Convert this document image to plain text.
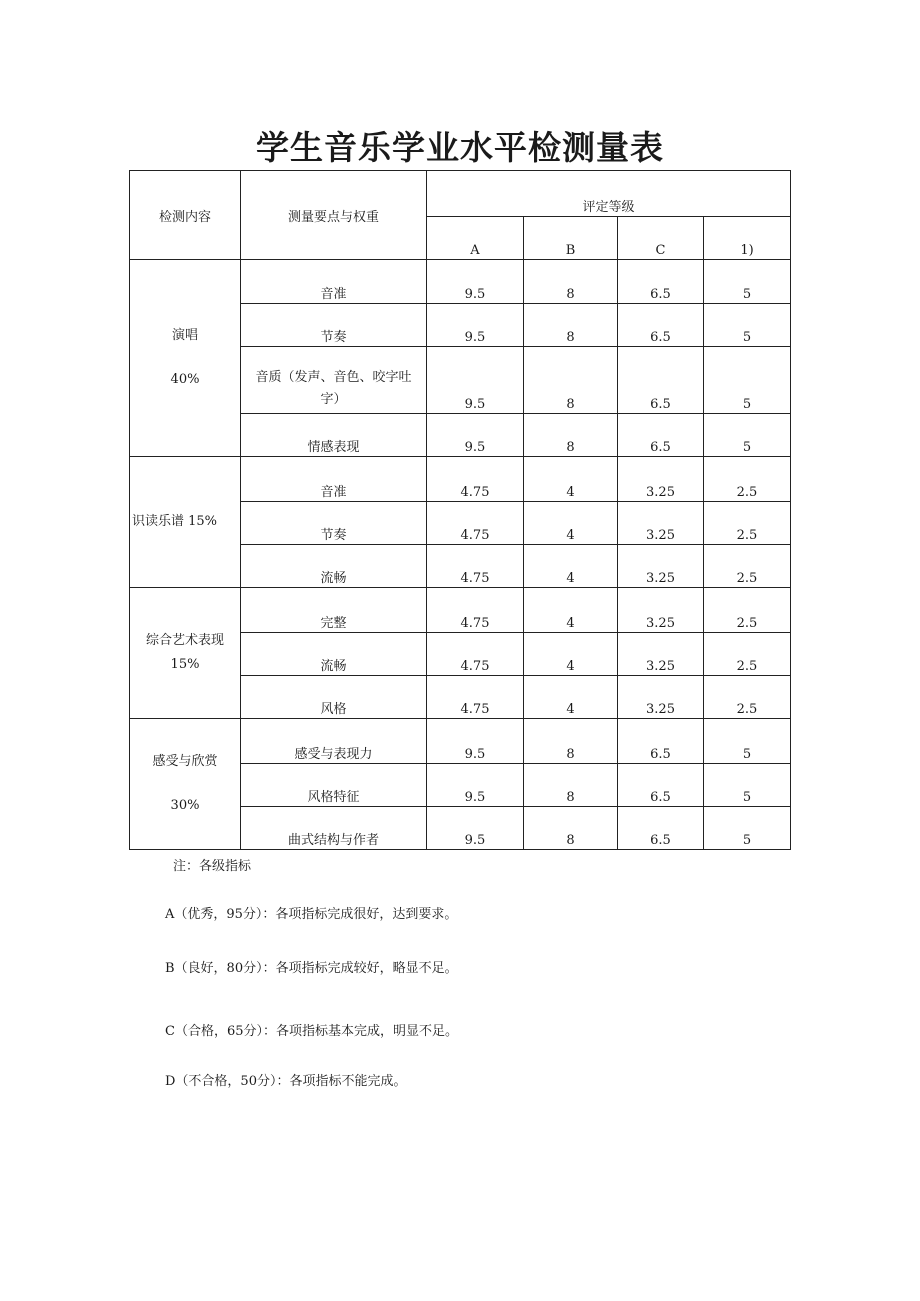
学生音乐学业水平检测量表
检测内容	测量要点与权重	评定等级			
		A	B	C	1)
演唱
40%	音准	9.5	8	6.5	5
	节奏	9.5	8	6.5	5
	音质（发声、音色、咬字吐字）	9.5	8	6.5	5
	情感表现	9.5	8	6.5	5
识读乐谱 15%	音准	4.75	4	3.25	2.5
	节奏	4.75	4	3.25	2.5
	流畅	4.75	4	3.25	2.5
综合艺术表现
15%	完整	4.75	4	3.25	2.5
	流畅	4.75	4	3.25	2.5
	风格	4.75	4	3.25	2.5
感受与欣赏
30%	感受与表现力	9.5	8	6.5	5
	风格特征	9.5	8	6.5	5
	曲式结构与作者	9.5	8	6.5	5
注：各级指标
A（优秀，95分）：各项指标完成很好，达到要求。
B（良好，80分）：各项指标完成较好，略显不足。
C（合格，65分）：各项指标基本完成，明显不足。
D（不合格，50分）：各项指标不能完成。
